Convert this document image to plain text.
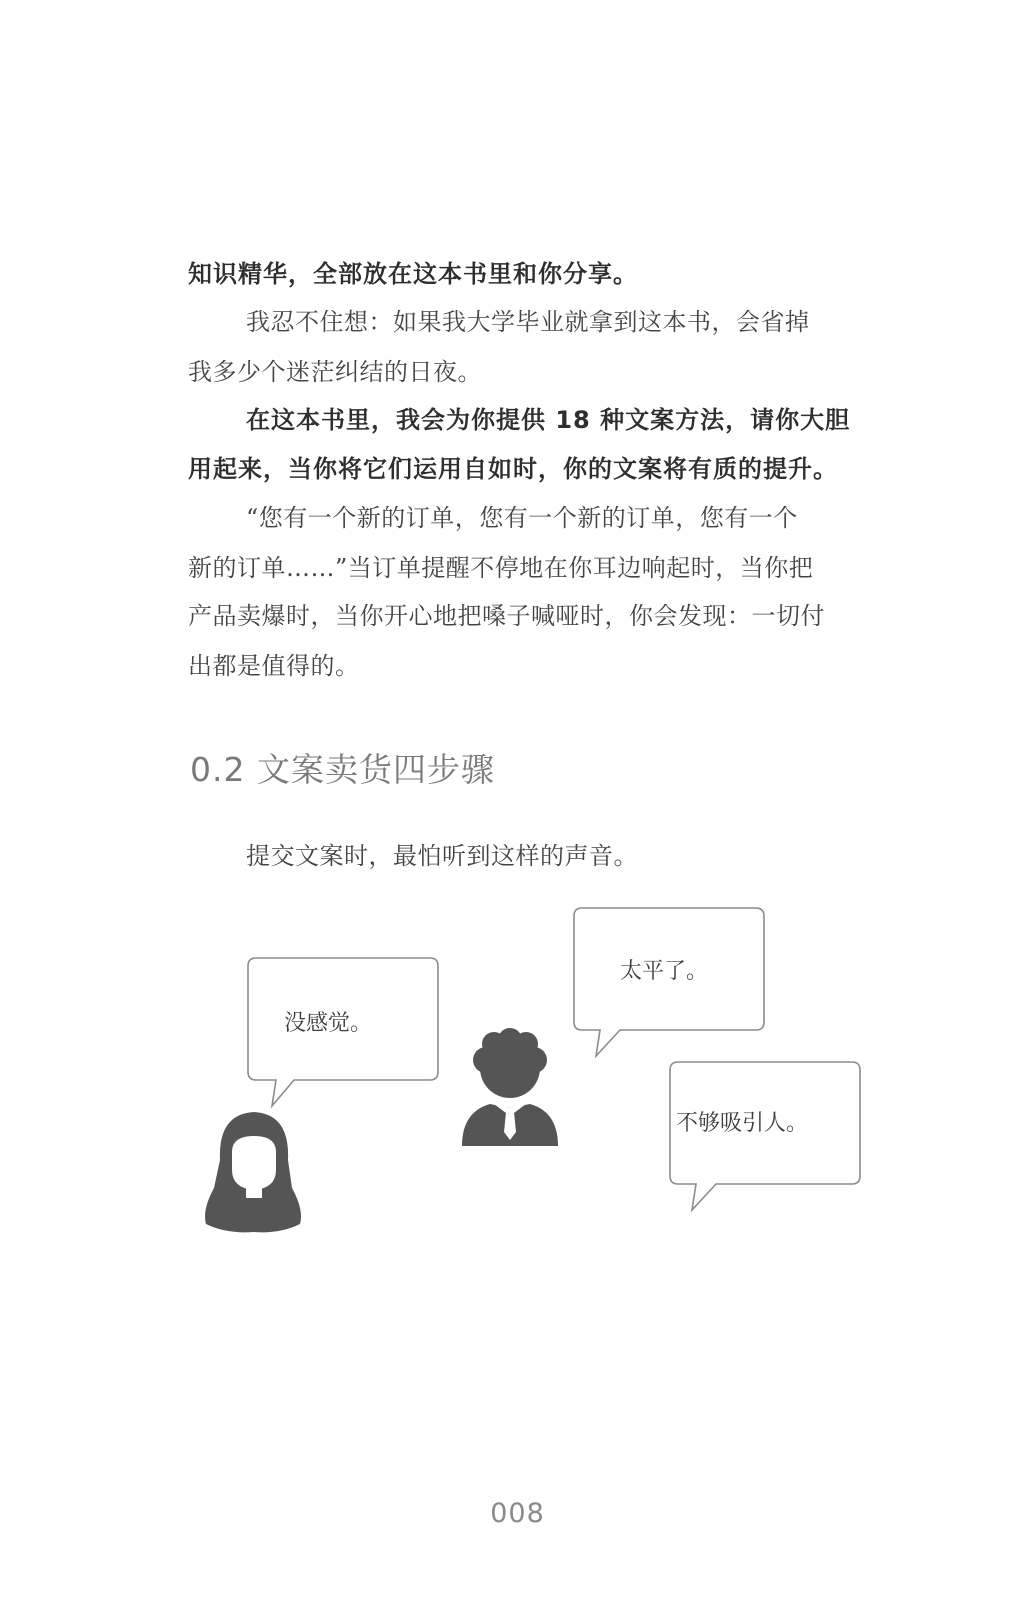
知识精华，全部放在这本书里和你分享。
我忍不住想：如果我大学毕业就拿到这本书，会省掉
我多少个迷茫纠结的日夜。
在这本书里，我会为你提供 18 种文案方法，请你大胆
用起来，当你将它们运用自如时，你的文案将有质的提升。
“您有一个新的订单，您有一个新的订单，您有一个
新的订单……”当订单提醒不停地在你耳边响起时，当你把
产品卖爆时，当你开心地把嗓子喊哑时，你会发现：一切付
出都是值得的。
0.2 文案卖货四步骤
提交文案时，最怕听到这样的声音。
没感觉。
太平了。
不够吸引人。
008
